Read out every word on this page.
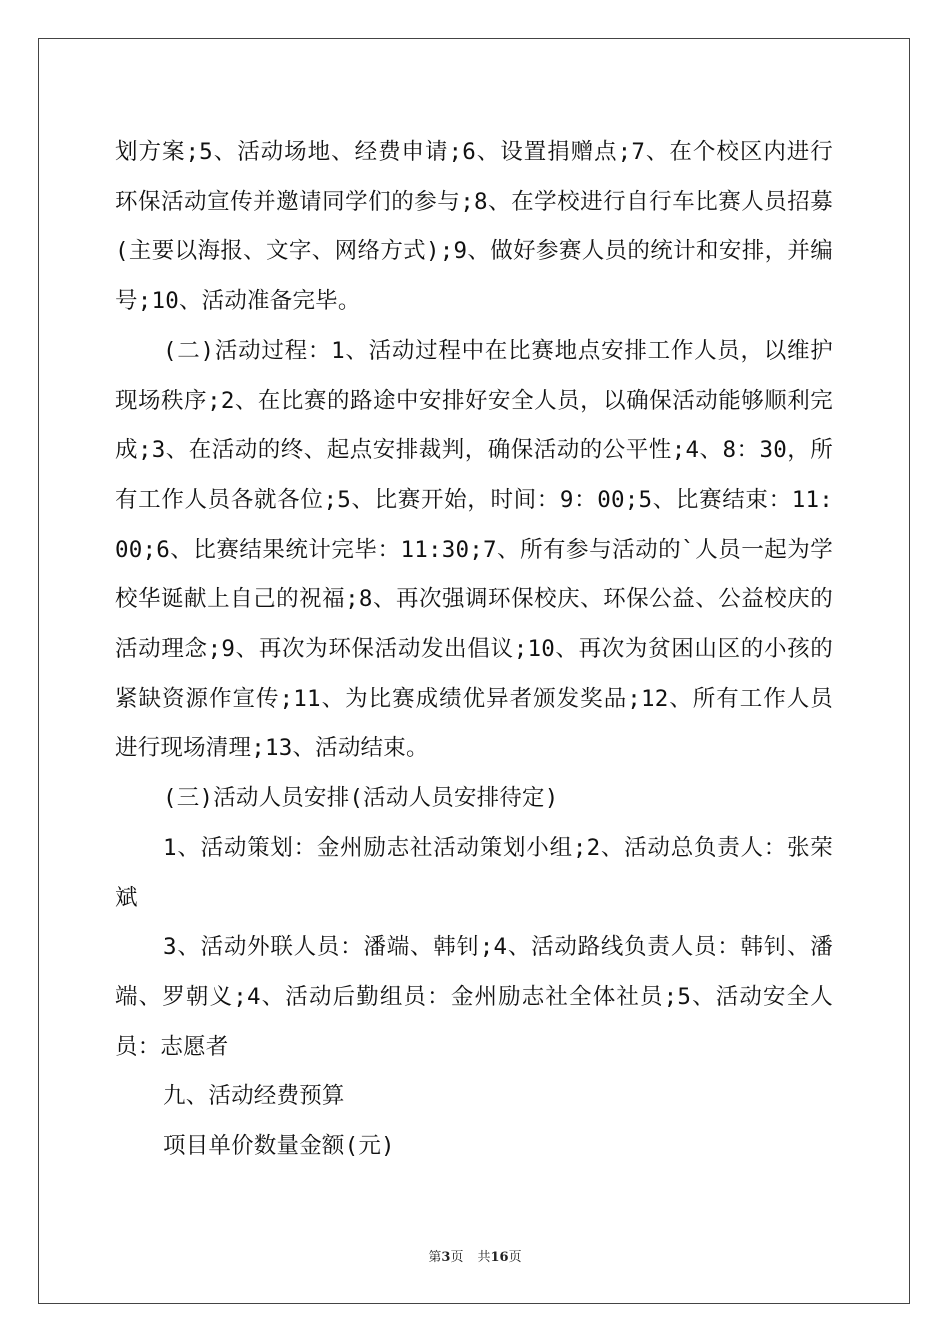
划方案;5、活动场地、经费申请;6、设置捐赠点;7、在个校区内进行环保活动宣传并邀请同学们的参与;8、在学校进行自行车比赛人员招募(主要以海报、文字、网络方式);9、做好参赛人员的统计和安排，并编号;10、活动准备完毕。

(二)活动过程：1、活动过程中在比赛地点安排工作人员，以维护现场秩序;2、在比赛的路途中安排好安全人员，以确保活动能够顺利完成;3、在活动的终、起点安排裁判，确保活动的公平性;4、8：30，所有工作人员各就各位;5、比赛开始，时间：9：00;5、比赛结束：11:00;6、比赛结果统计完毕：11:30;7、所有参与活动的`人员一起为学校华诞献上自己的祝福;8、再次强调环保校庆、环保公益、公益校庆的活动理念;9、再次为环保活动发出倡议;10、再次为贫困山区的小孩的紧缺资源作宣传;11、为比赛成绩优异者颁发奖品;12、所有工作人员进行现场清理;13、活动结束。

(三)活动人员安排(活动人员安排待定)

1、活动策划：金州励志社活动策划小组;2、活动总负责人：张荣斌

3、活动外联人员：潘端、韩钊;4、活动路线负责人员：韩钊、潘端、罗朝义;4、活动后勤组员：金州励志社全体社员;5、活动安全人员：志愿者

九、活动经费预算

项目单价数量金额(元)

第3页 共16页
